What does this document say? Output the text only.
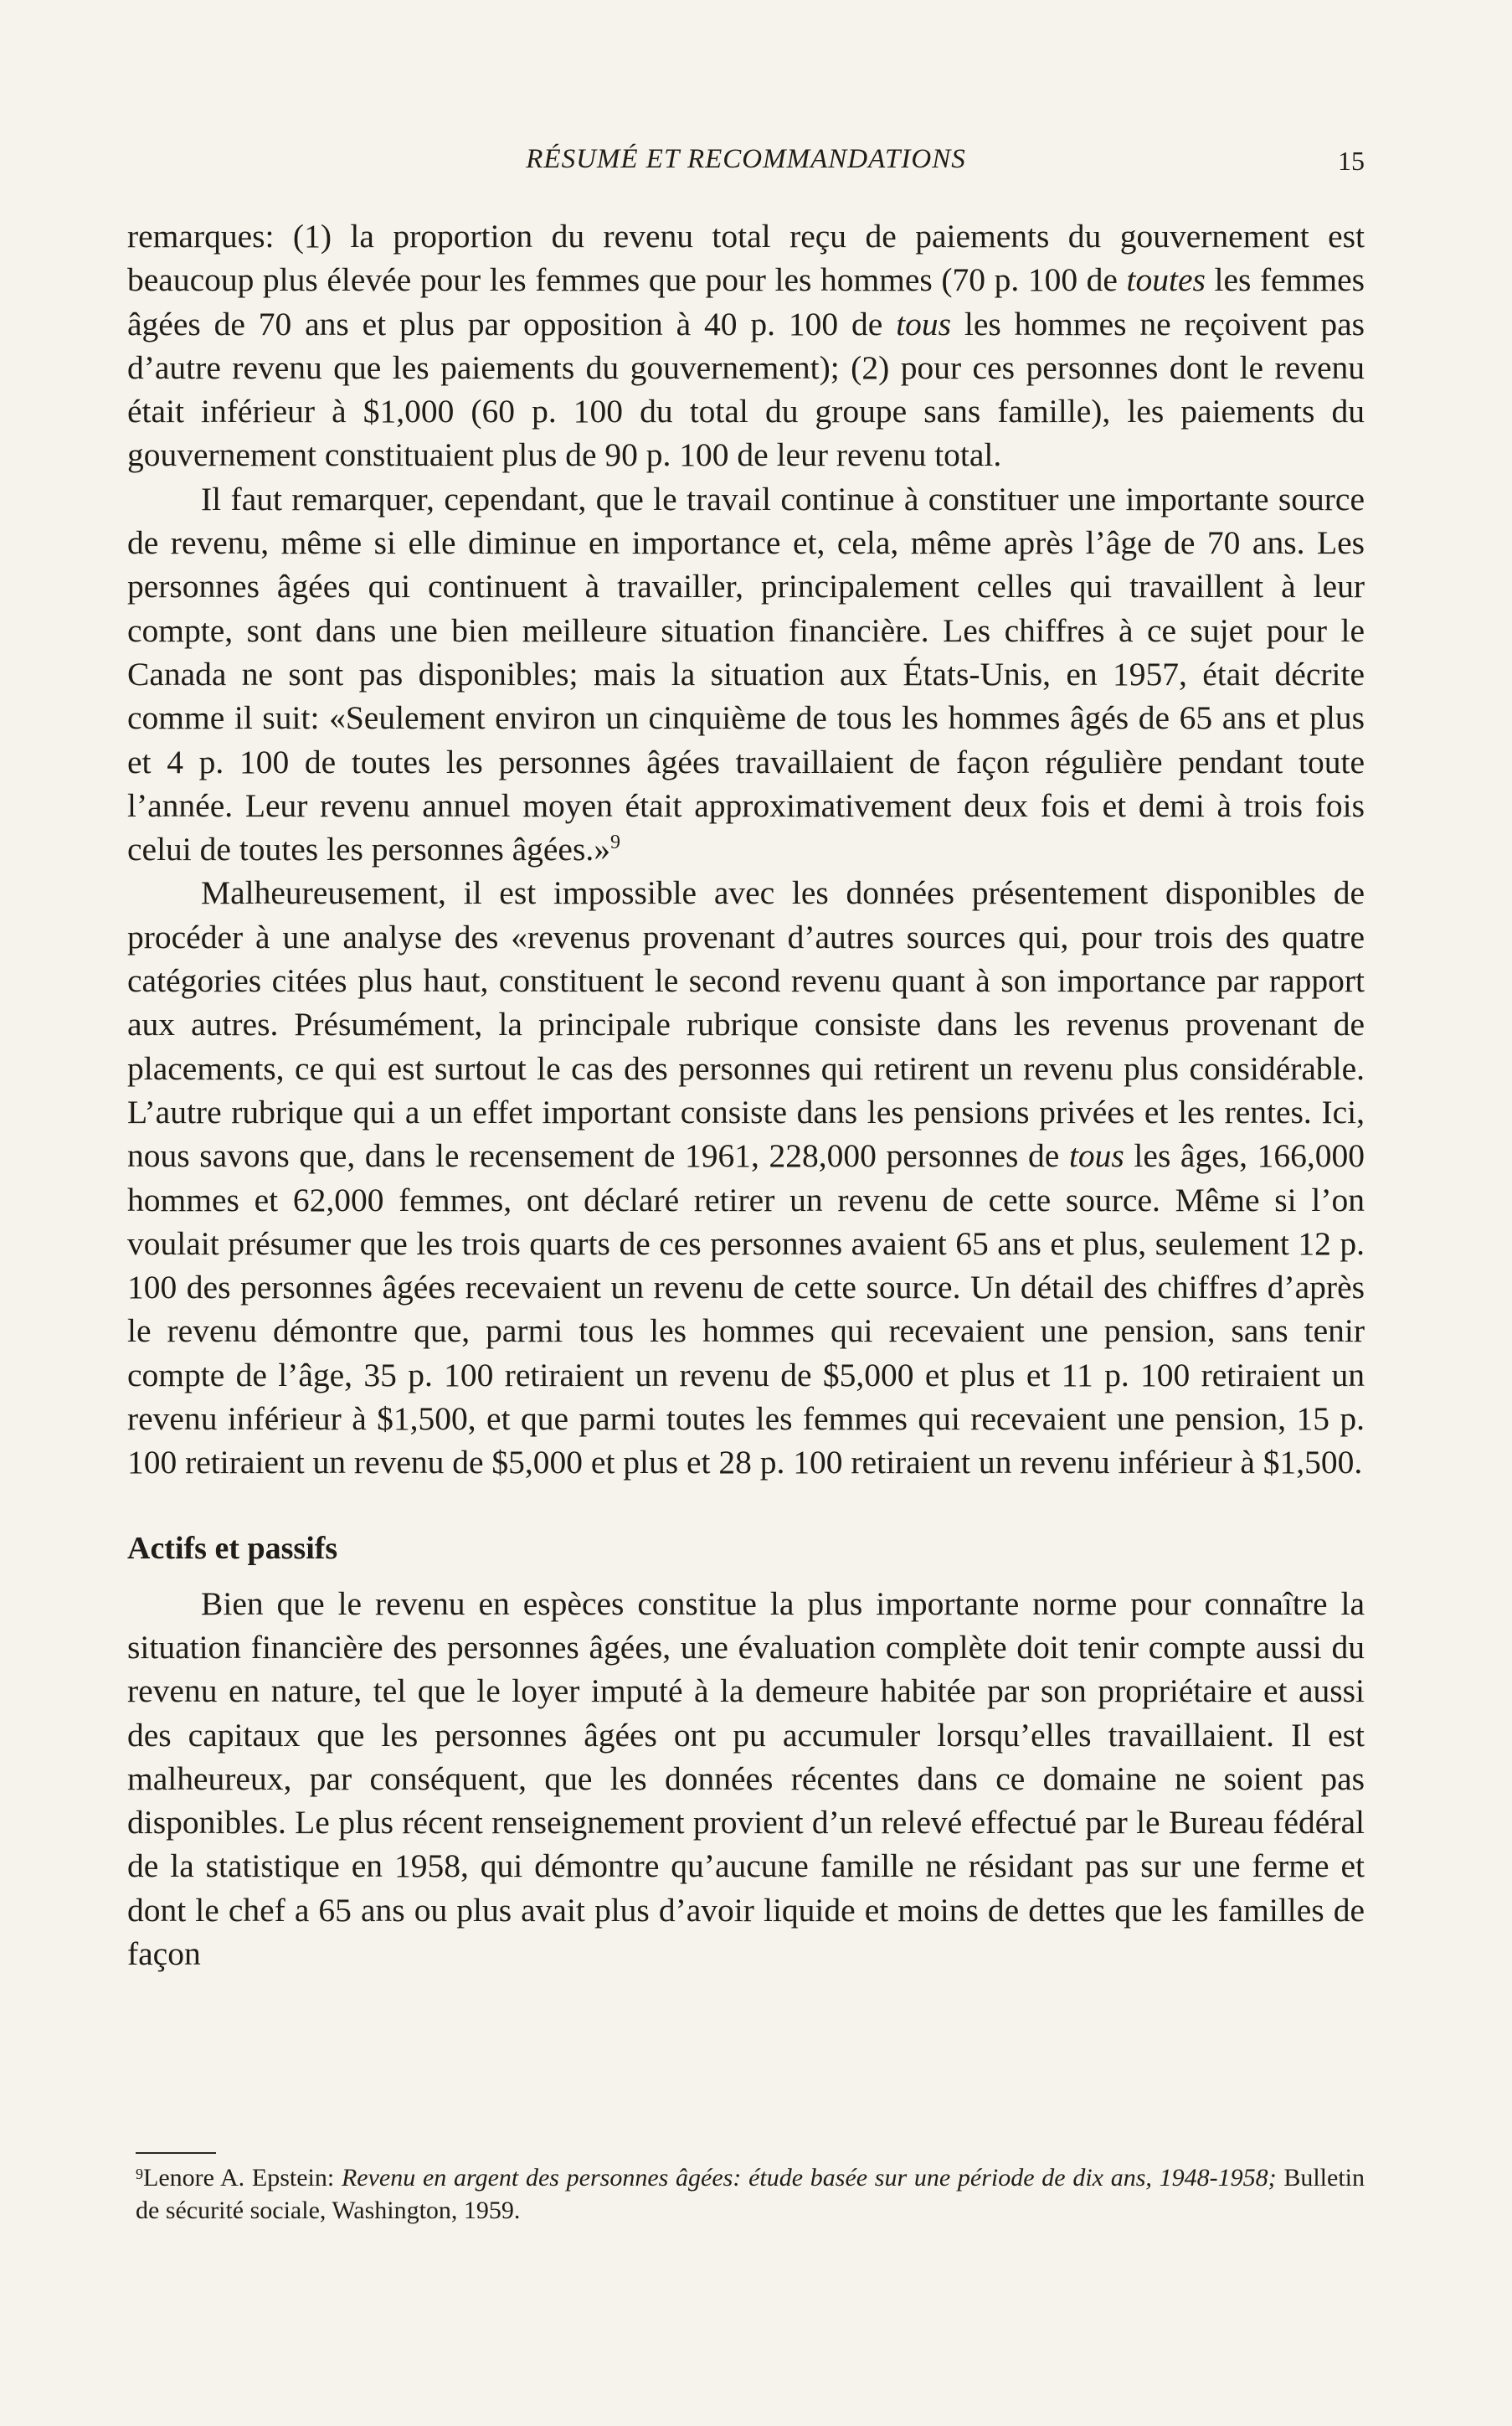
RÉSUMÉ ET RECOMMANDATIONS	15

remarques: (1) la proportion du revenu total reçu de paiements du gouvernement est beaucoup plus élevée pour les femmes que pour les hommes (70 p. 100 de toutes les femmes âgées de 70 ans et plus par opposition à 40 p. 100 de tous les hommes ne reçoivent pas d’autre revenu que les paiements du gouvernement); (2) pour ces personnes dont le revenu était inférieur à $1,000 (60 p. 100 du total du groupe sans famille), les paiements du gouvernement constituaient plus de 90 p. 100 de leur revenu total.

Il faut remarquer, cependant, que le travail continue à constituer une importante source de revenu, même si elle diminue en importance et, cela, même après l’âge de 70 ans. Les personnes âgées qui continuent à travailler, principalement celles qui travaillent à leur compte, sont dans une bien meilleure situation financière. Les chiffres à ce sujet pour le Canada ne sont pas disponibles; mais la situation aux États-Unis, en 1957, était décrite comme il suit: «Seulement environ un cinquième de tous les hommes âgés de 65 ans et plus et 4 p. 100 de toutes les personnes âgées travaillaient de façon régulière pendant toute l’année. Leur revenu annuel moyen était approximativement deux fois et demi à trois fois celui de toutes les personnes âgées.»$^9$

Malheureusement, il est impossible avec les données présentement disponibles de procéder à une analyse des «revenus provenant d’autres sources qui, pour trois des quatre catégories citées plus haut, constituent le second revenu quant à son importance par rapport aux autres. Présumément, la principale rubrique consiste dans les revenus provenant de placements, ce qui est surtout le cas des personnes qui retirent un revenu plus considérable. L’autre rubrique qui a un effet important consiste dans les pensions privées et les rentes. Ici, nous savons que, dans le recensement de 1961, 228,000 personnes de tous les âges, 166,000 hommes et 62,000 femmes, ont déclaré retirer un revenu de cette source. Même si l’on voulait présumer que les trois quarts de ces personnes avaient 65 ans et plus, seulement 12 p. 100 des personnes âgées recevaient un revenu de cette source. Un détail des chiffres d’après le revenu démontre que, parmi tous les hommes qui recevaient une pension, sans tenir compte de l’âge, 35 p. 100 retiraient un revenu de $5,000 et plus et 11 p. 100 retiraient un revenu inférieur à $1,500, et que parmi toutes les femmes qui recevaient une pension, 15 p. 100 retiraient un revenu de $5,000 et plus et 28 p. 100 retiraient un revenu inférieur à $1,500.

Actifs et passifs

Bien que le revenu en espèces constitue la plus importante norme pour connaître la situation financière des personnes âgées, une évaluation complète doit tenir compte aussi du revenu en nature, tel que le loyer imputé à la demeure habitée par son propriétaire et aussi des capitaux que les personnes âgées ont pu accumuler lorsqu’elles travaillaient. Il est malheureux, par conséquent, que les données récentes dans ce domaine ne soient pas disponibles. Le plus récent renseignement provient d’un relevé effectué par le Bureau fédéral de la statistique en 1958, qui démontre qu’aucune famille ne résidant pas sur une ferme et dont le chef a 65 ans ou plus avait plus d’avoir liquide et moins de dettes que les familles de façon

$^9$Lenore A. Epstein: Revenu en argent des personnes âgées: étude basée sur une période de dix ans, 1948-1958; Bulletin de sécurité sociale, Washington, 1959.
